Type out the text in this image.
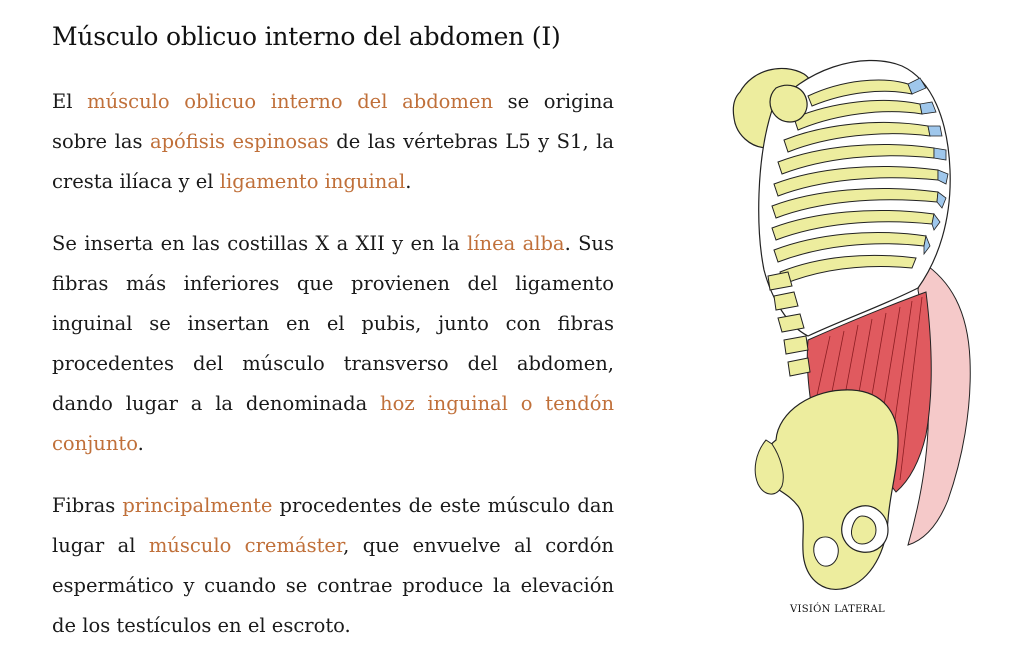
Músculo oblicuo interno del abdomen (I)

El músculo oblicuo interno del abdomen se origina sobre las apófisis espinosas de las vértebras L5 y S1, la cresta ilíaca y el ligamento inguinal.

Se inserta en las costillas X a XII y en la línea alba. Sus fibras más inferiores que provienen del ligamento inguinal se insertan en el pubis, junto con fibras procedentes del músculo transverso del abdomen, dando lugar a la denominada hoz inguinal o tendón conjunto.

Fibras principalmente procedentes de este músculo dan lugar al músculo cremáster, que envuelve al cordón espermático y cuando se contrae produce la elevación de los testículos en el escroto.

VISIÓN LATERAL
